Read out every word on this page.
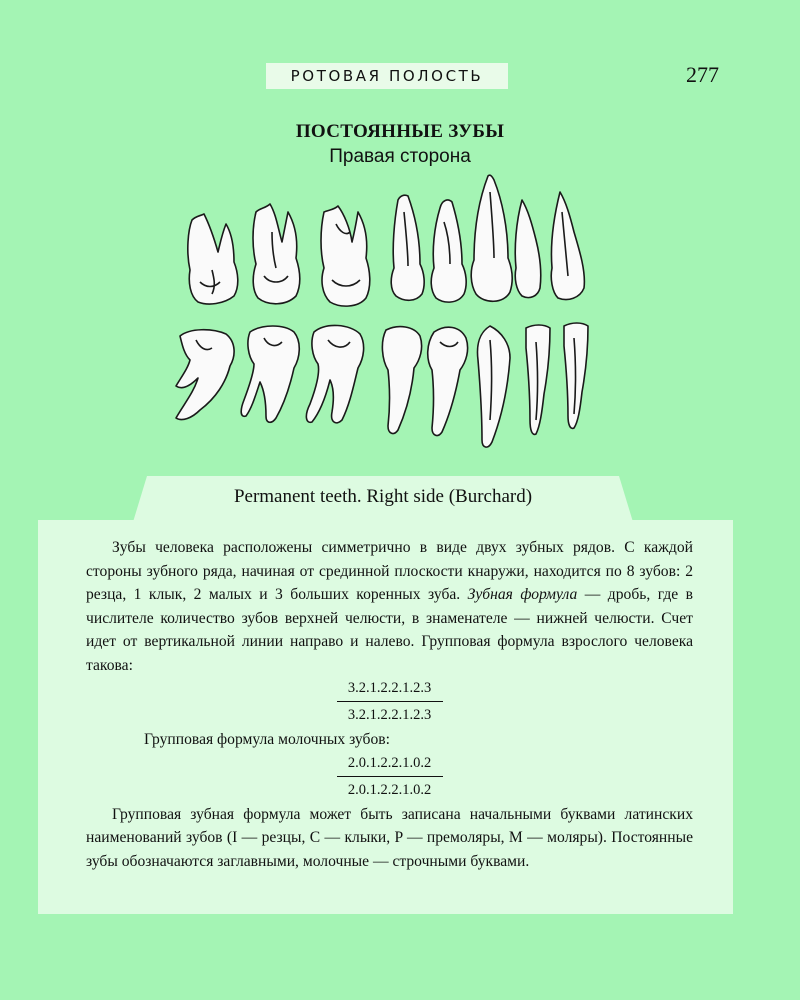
РОТОВАЯ ПОЛОСТЬ	277
ПОСТОЯННЫЕ ЗУБЫ
Правая сторона
Permanent teeth. Right side (Burchard)

Зубы человека расположены симметрично в виде двух зубных рядов. С каждой стороны зубного ряда, начиная от срединной плоскости кнаружи, находится по 8 зубов: 2 резца, 1 клык, 2 малых и 3 больших коренных зуба. Зубная формула — дробь, где в числителе количество зубов верхней челюсти, в знаменателе — нижней челюсти. Счет идет от вертикальной линии направо и налево. Групповая формула взрослого человека такова:

3.2.1.2.2.1.2.3
3.2.1.2.2.1.2.3

Групповая формула молочных зубов:

2.0.1.2.2.1.0.2
2.0.1.2.2.1.0.2

Групповая зубная формула может быть записана начальными буквами латинских наименований зубов (I — резцы, C — клыки, P — премоляры, M — моляры). Постоянные зубы обозначаются заглавными, молочные — строчными буквами.
